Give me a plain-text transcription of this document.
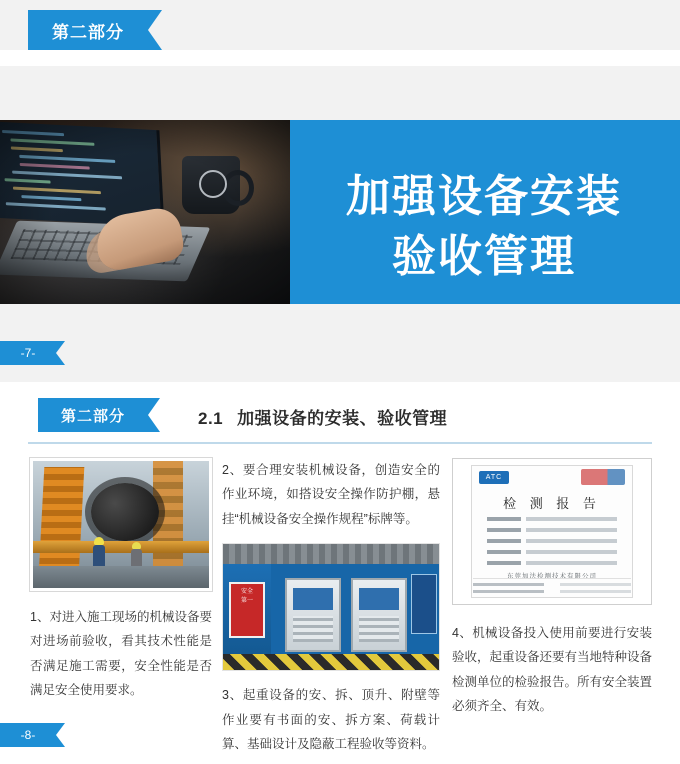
第二部分
加强设备安装
验收管理
-7-
第二部分	2.1 加强设备的安装、验收管理

1、对进入施工现场的机械设备要对进场前验收，看其技术性能是否满足施工需要，安全性能是否满足安全使用要求。

2、要合理安装机械设备，创造安全的作业环境，如搭设安全操作防护棚，悬挂“机械设备安全操作规程”标牌等。

安全
第一

3、起重设备的安、拆、顶升、附壁等作业要有书面的安、拆方案、荷载计算、基础设计及隐蔽工程验收等资料。

ATC
检 测 报 告
东莞加法检测技术有限公司

4、机械设备投入使用前要进行安装验收，起重设备还要有当地特种设备检测单位的检验报告。所有安全装置必须齐全、有效。

-8-
